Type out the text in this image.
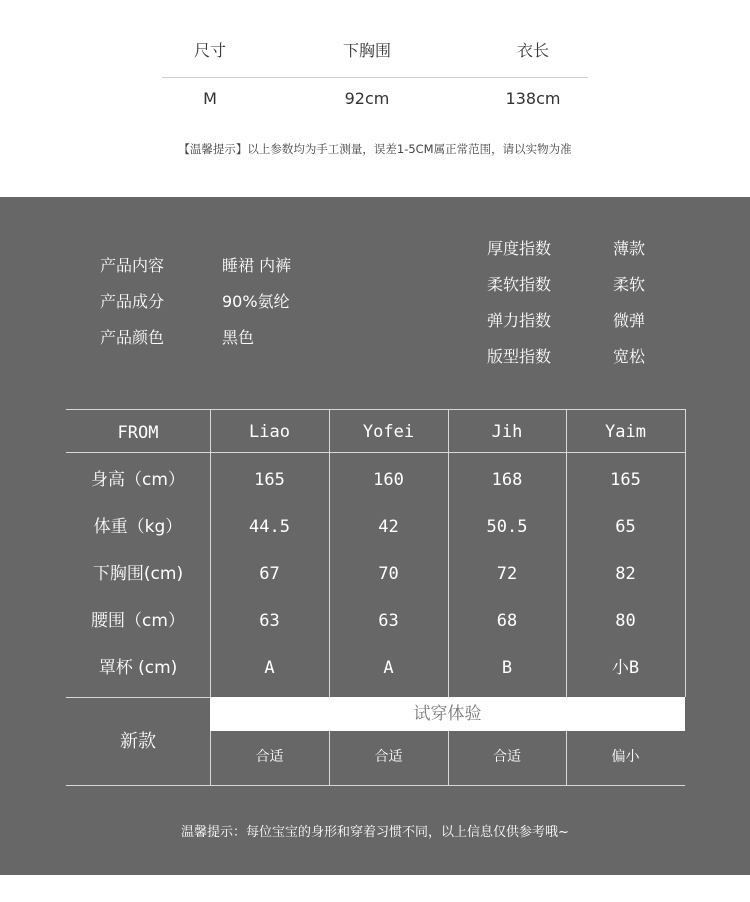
尺寸	下胸围	衣长
M	92cm	138cm
【温馨提示】以上参数均为手工测量，误差1-5CM属正常范围，请以实物为准
产品内容	睡裙 内裤
产品成分	90%氨纶
产品颜色	黑色
厚度指数	薄款
柔软指数	柔软
弹力指数	微弹
版型指数	宽松
FROM	Liao	Yofei	Jih	Yaim
身高（cm）	165	160	168	165
体重（kg）	44.5	42	50.5	65
下胸围(cm)	67	70	72	82
腰围（cm）	63	63	68	80
罩杯 (cm)	A	A	B	小B
新款
试穿体验
合适	合适	合适	偏小
温馨提示：每位宝宝的身形和穿着习惯不同，以上信息仅供参考哦~
